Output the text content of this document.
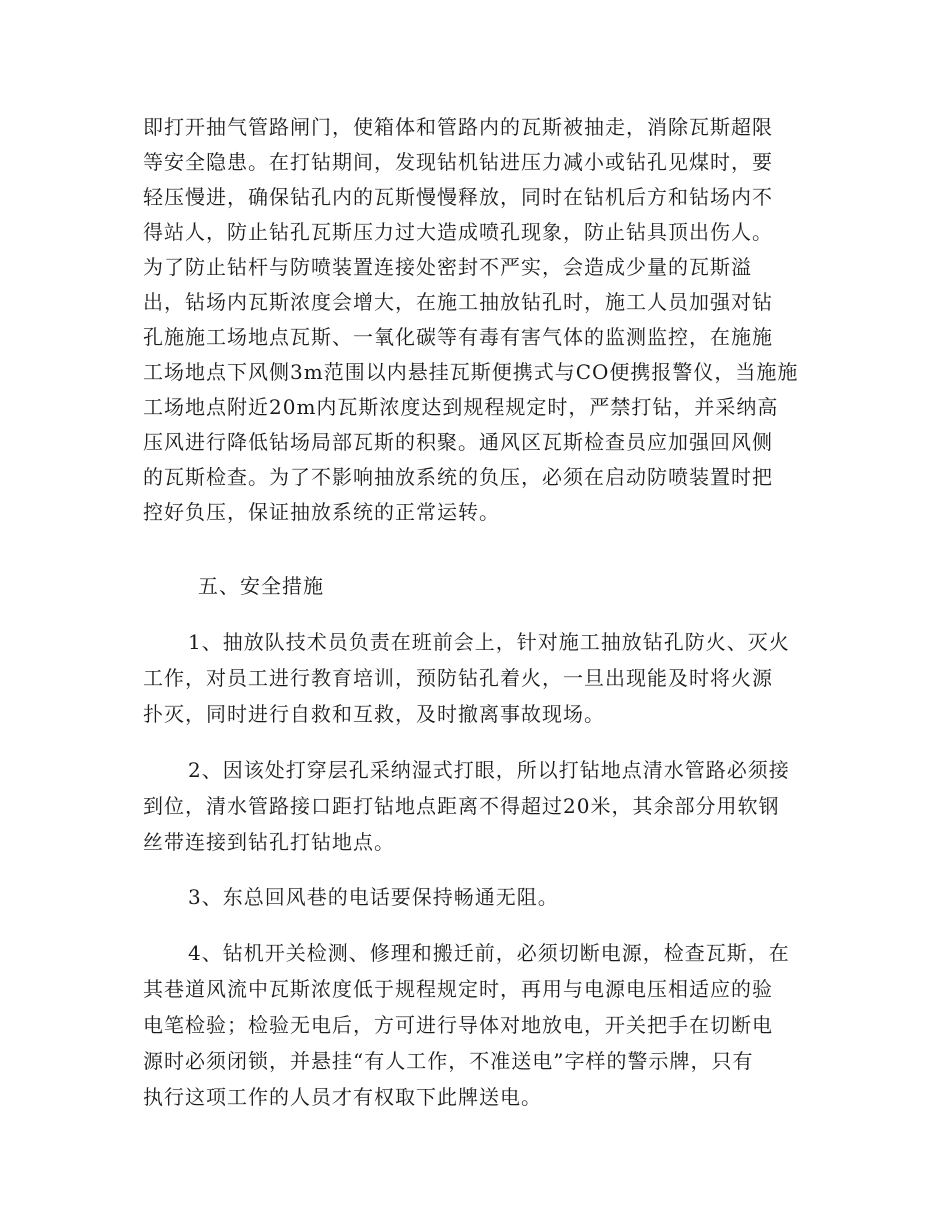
即打开抽气管路闸门，使箱体和管路内的瓦斯被抽走，消除瓦斯超限
等安全隐患。在打钻期间，发现钻机钻进压力减小或钻孔见煤时，要
轻压慢进，确保钻孔内的瓦斯慢慢释放，同时在钻机后方和钻场内不
得站人，防止钻孔瓦斯压力过大造成喷孔现象，防止钻具顶出伤人。
为了防止钻杆与防喷装置连接处密封不严实，会造成少量的瓦斯溢
出，钻场内瓦斯浓度会增大，在施工抽放钻孔时，施工人员加强对钻
孔施施工场地点瓦斯、一氧化碳等有毒有害气体的监测监控，在施施
工场地点下风侧3m范围以内悬挂瓦斯便携式与CO便携报警仪，当施施
工场地点附近20m内瓦斯浓度达到规程规定时，严禁打钻，并采纳高
压风进行降低钻场局部瓦斯的积聚。通风区瓦斯检查员应加强回风侧
的瓦斯检查。为了不影响抽放系统的负压，必须在启动防喷装置时把
控好负压，保证抽放系统的正常运转。
五、安全措施
1、抽放队技术员负责在班前会上，针对施工抽放钻孔防火、灭火
工作，对员工进行教育培训，预防钻孔着火，一旦出现能及时将火源
扑灭，同时进行自救和互救，及时撤离事故现场。
2、因该处打穿层孔采纳湿式打眼，所以打钻地点清水管路必须接
到位，清水管路接口距打钻地点距离不得超过20米，其余部分用软钢
丝带连接到钻孔打钻地点。
3、东总回风巷的电话要保持畅通无阻。
4、钻机开关检测、修理和搬迁前，必须切断电源，检查瓦斯，在
其巷道风流中瓦斯浓度低于规程规定时，再用与电源电压相适应的验
电笔检验；检验无电后，方可进行导体对地放电，开关把手在切断电
源时必须闭锁，并悬挂“有人工作，不准送电”字样的警示牌，只有
执行这项工作的人员才有权取下此牌送电。
